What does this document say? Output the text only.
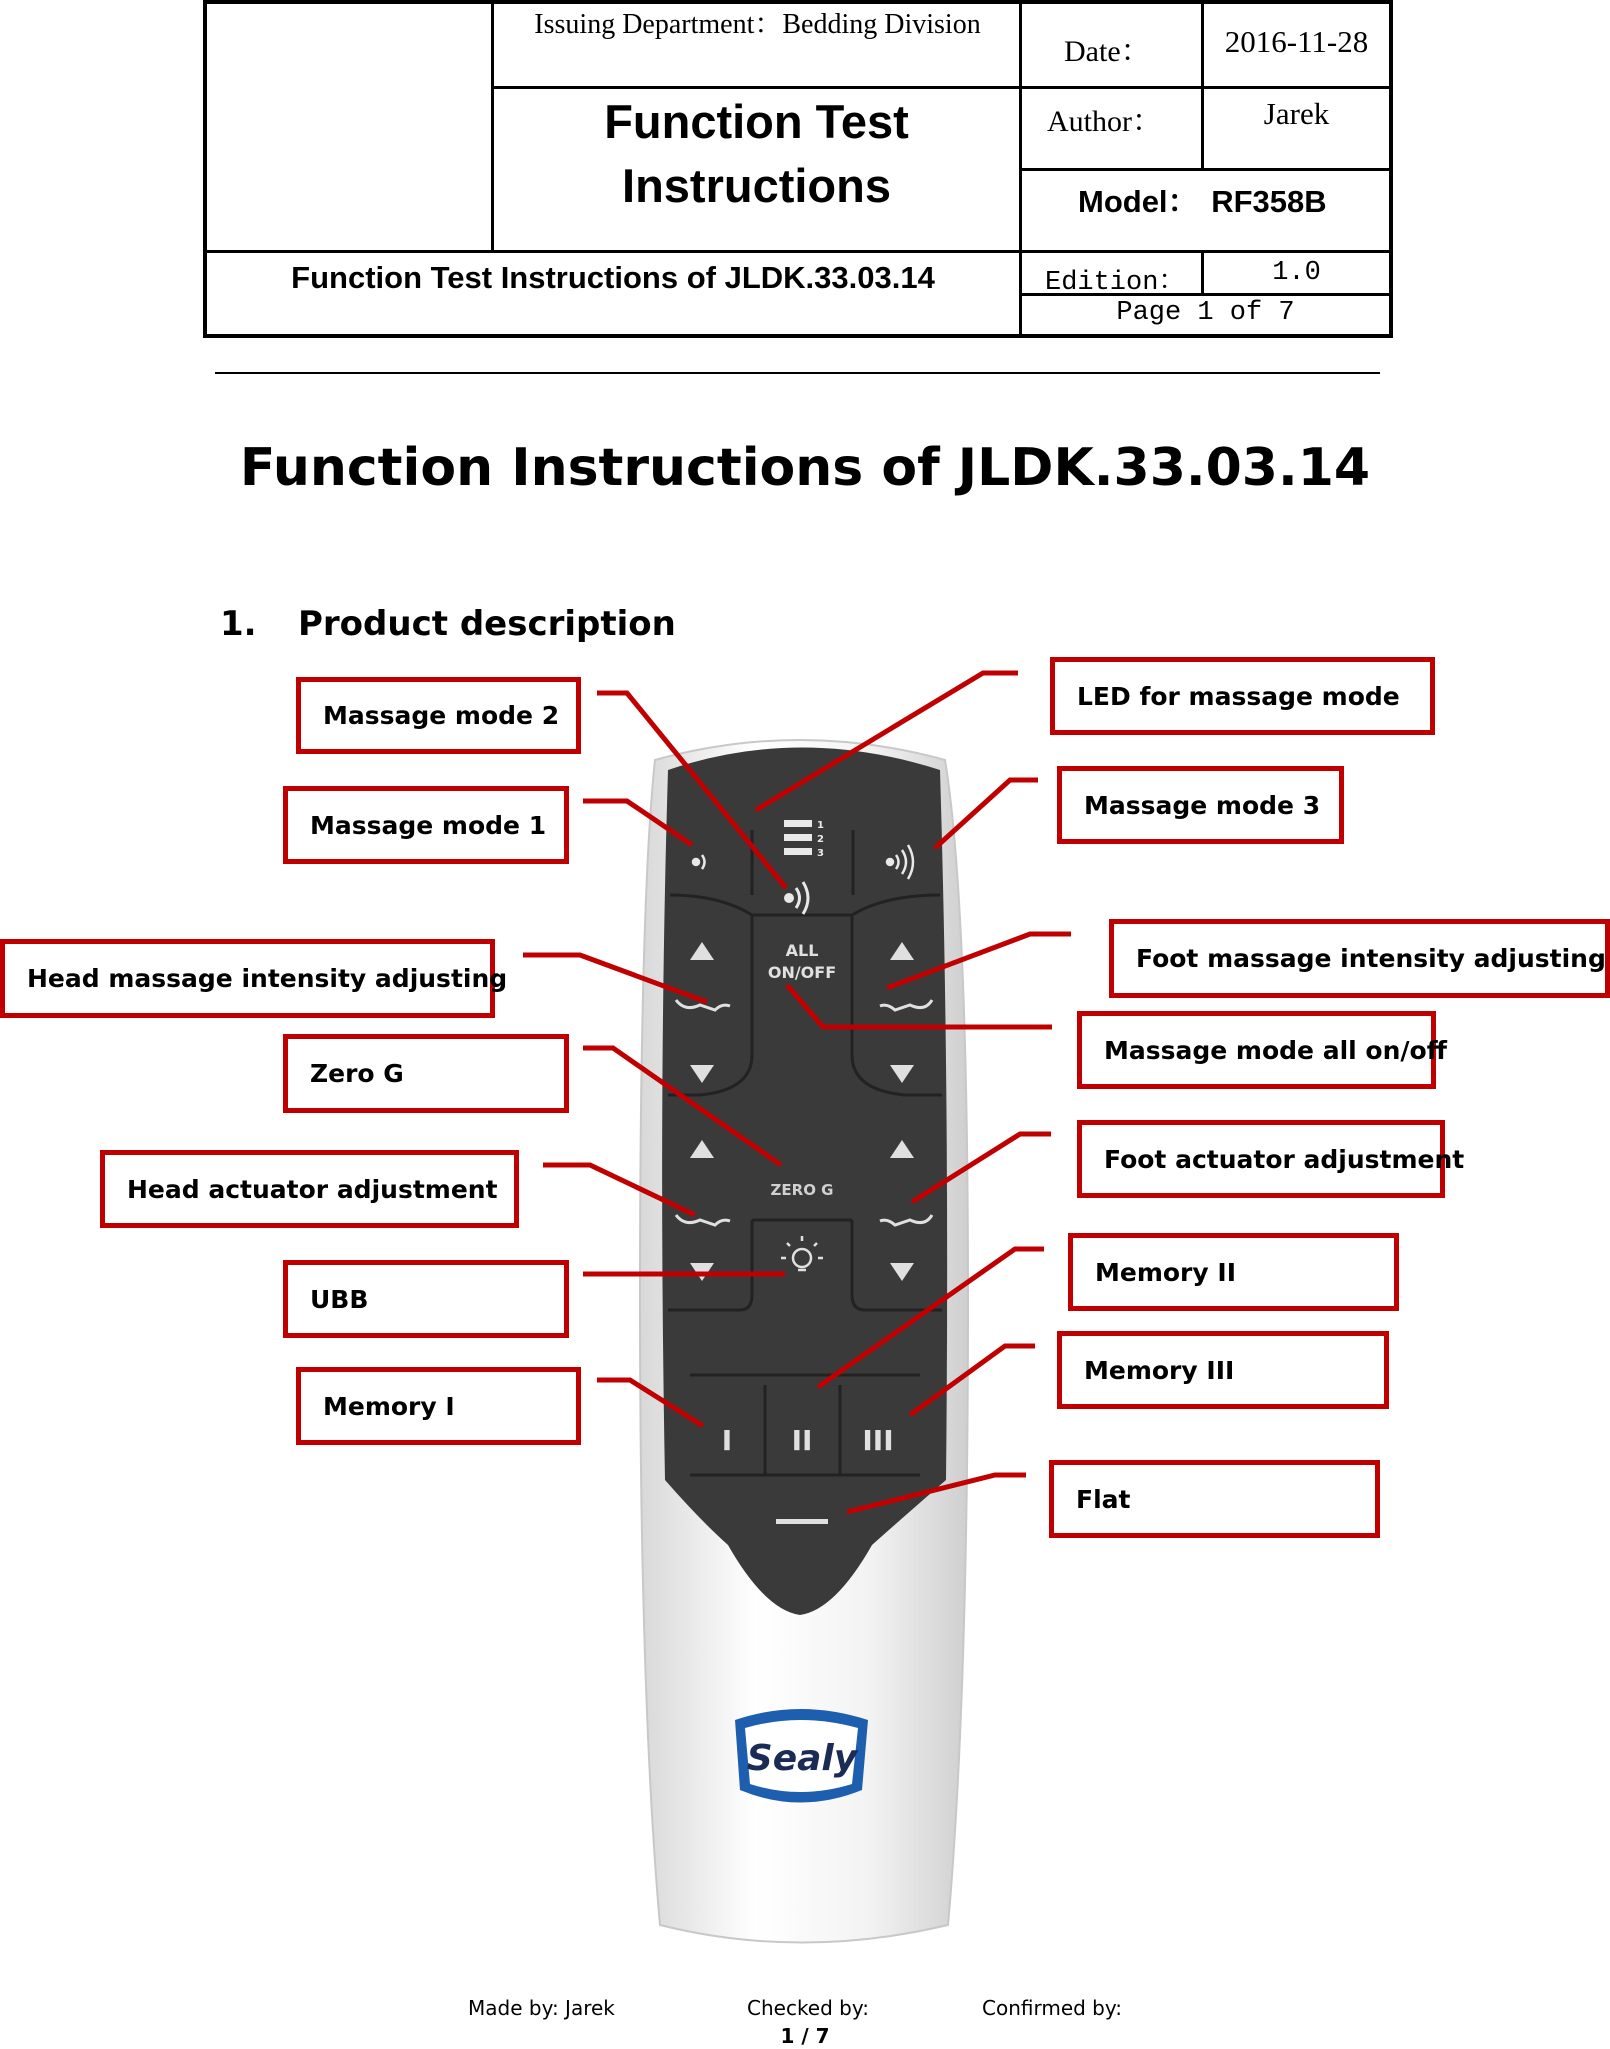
Issuing Department：Bedding Division
Function Test
Instructions
Date：	2016-11-28
Author：	Jarek
Model： RF358B
Function Test Instructions of JLDK.33.03.14	Edition：	1.0
Page 1 of 7
Function Instructions of JLDK.33.03.14
1. Product description
1
2
3
ALL
ON/OFF
ZERO G
I II III
Sealy
Massage mode 2
Massage mode 1
Head massage intensity adjusting
Zero G
Head actuator adjustment
UBB
Memory I
LED for massage mode
Massage mode 3
Foot massage intensity adjusting
Massage mode all on/off
Foot actuator adjustment
Memory II
Memory III
Flat
Made by: Jarek	Checked by:	Confirmed by:
1 / 7
